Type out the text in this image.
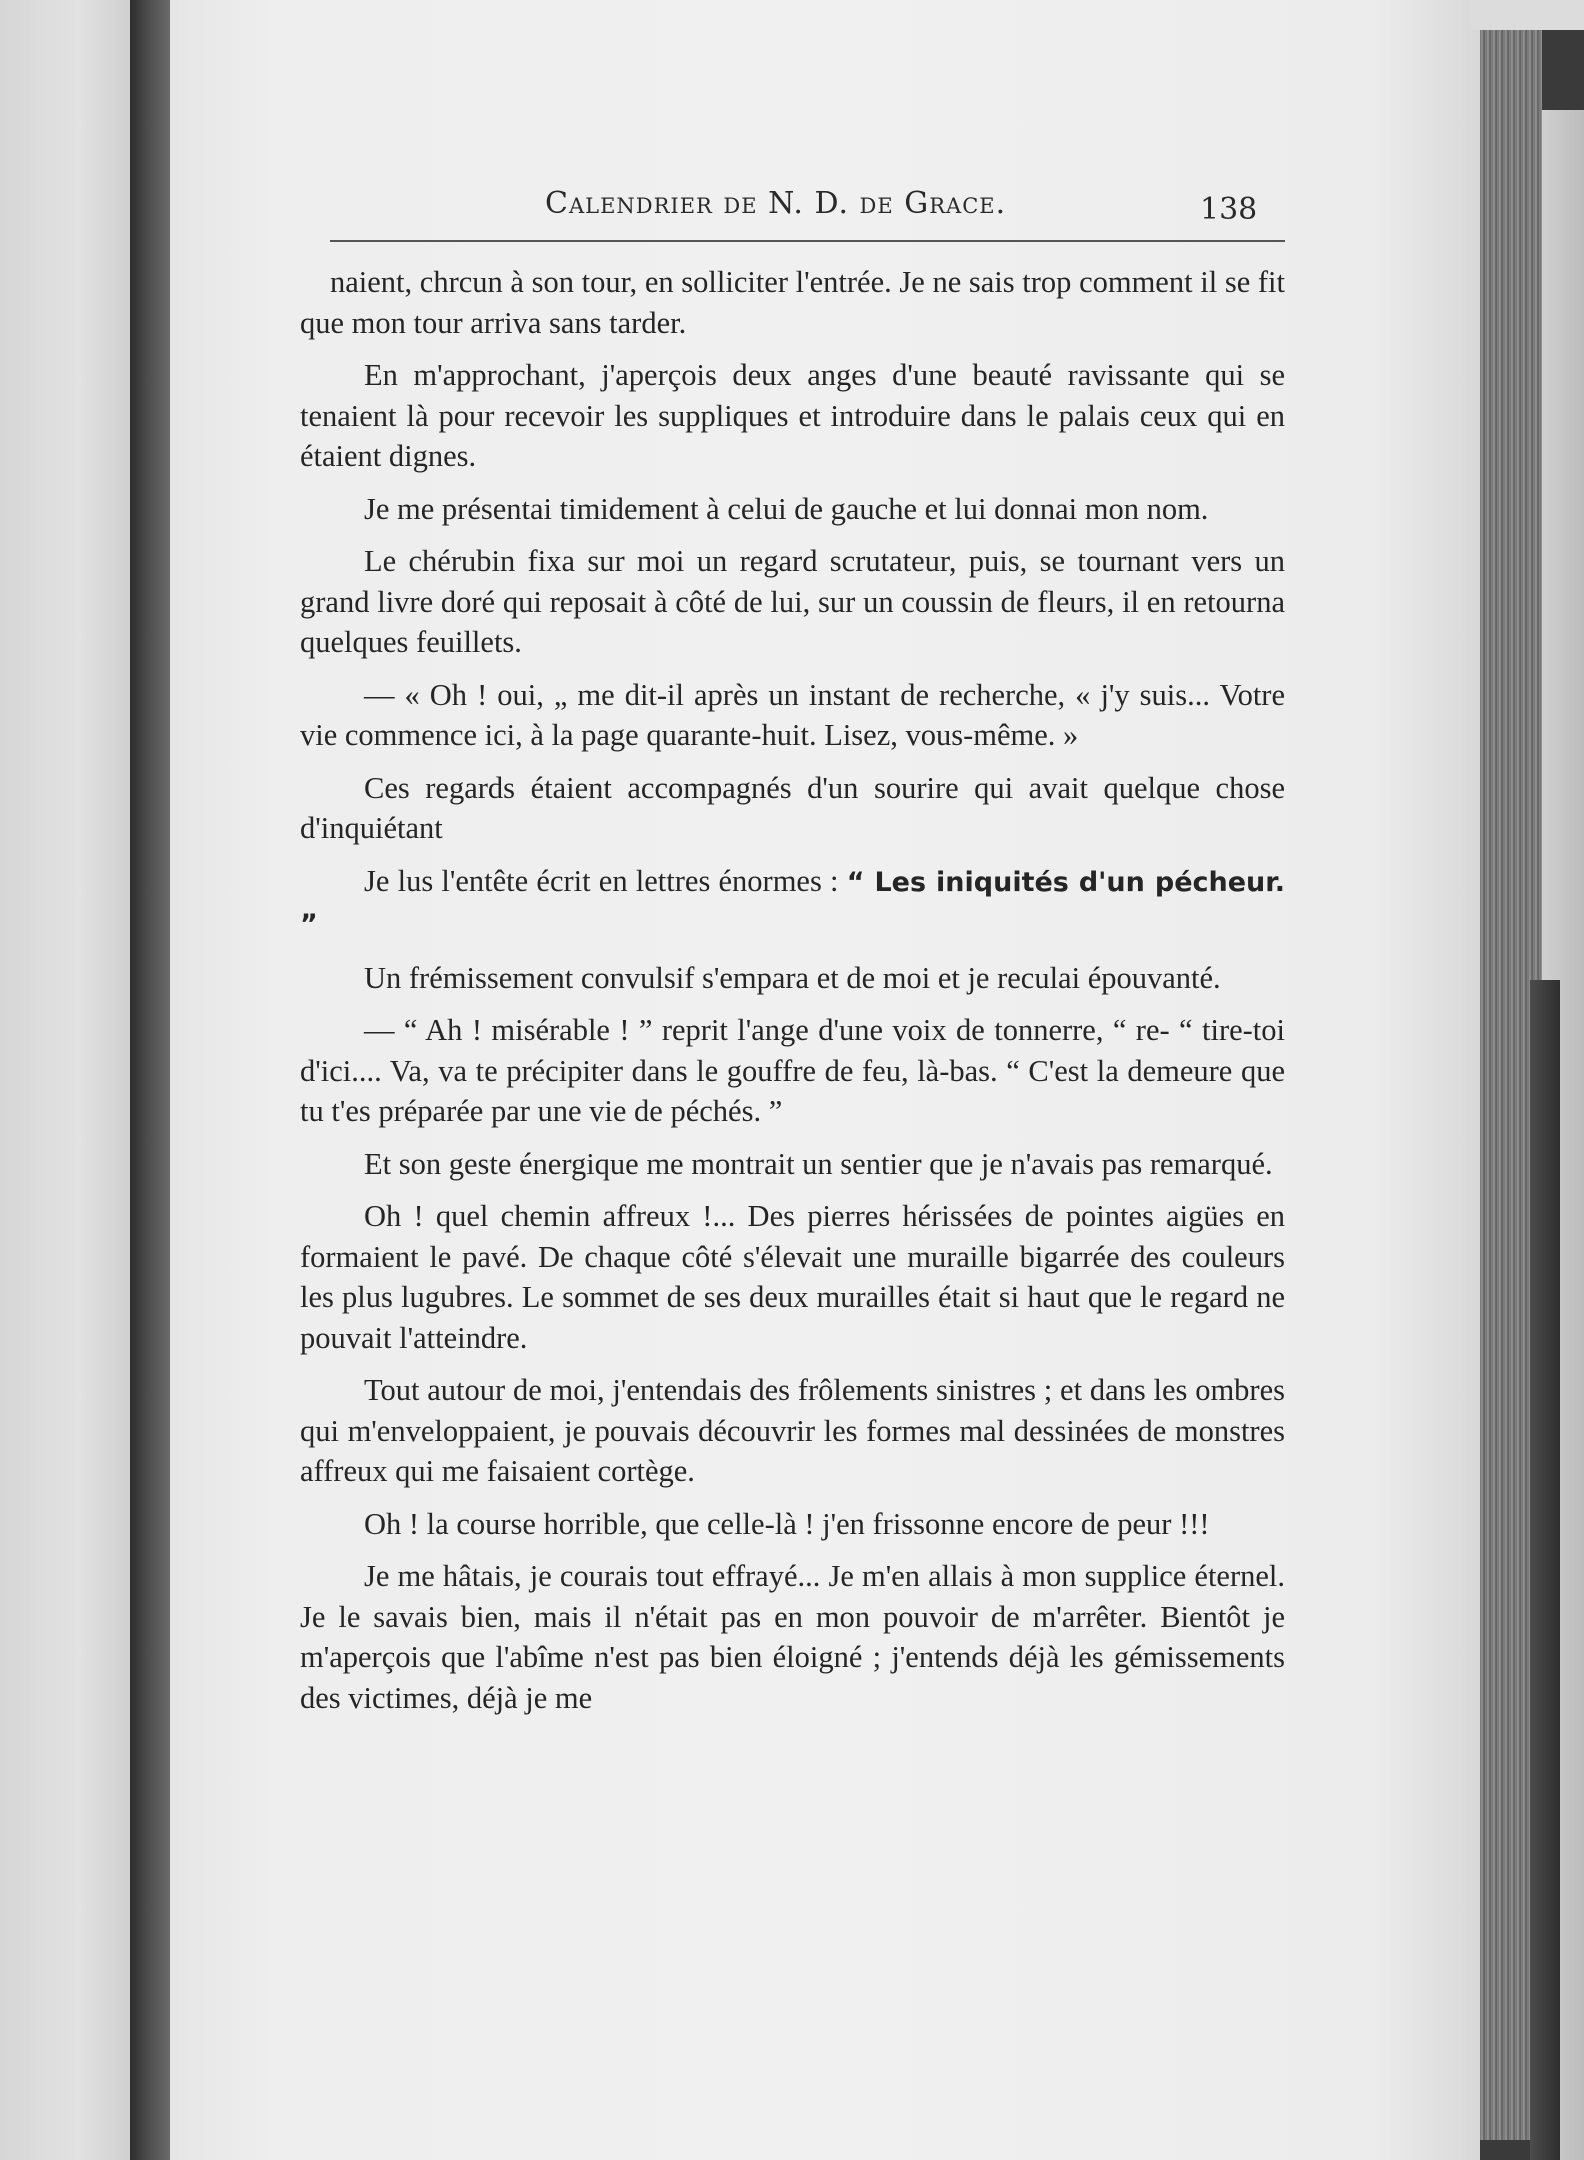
Calendrier de N. D. de Grace.	138

naient, chrcun à son tour, en solliciter l'entrée. Je ne sais trop comment il se fit que mon tour arriva sans tarder.

En m'approchant, j'aperçois deux anges d'une beauté ravissante qui se tenaient là pour recevoir les suppliques et introduire dans le palais ceux qui en étaient dignes.

Je me présentai timidement à celui de gauche et lui donnai mon nom.

Le chérubin fixa sur moi un regard scrutateur, puis, se tournant vers un grand livre doré qui reposait à côté de lui, sur un coussin de fleurs, il en retourna quelques feuillets.

— « Oh ! oui, „ me dit-il après un instant de recherche, « j'y suis... Votre vie commence ici, à la page quarante-huit. Lisez, vous-même. »

Ces regards étaient accompagnés d'un sourire qui avait quelque chose d'inquiétant

Je lus l'entête écrit en lettres énormes : “ Les iniquités d'un pécheur. ”

Un frémissement convulsif s'empara et de moi et je reculai épouvanté.

— “ Ah ! misérable ! ” reprit l'ange d'une voix de tonnerre, “ re- “ tire-toi d'ici.... Va, va te précipiter dans le gouffre de feu, là-bas. “ C'est la demeure que tu t'es préparée par une vie de péchés. ”

Et son geste énergique me montrait un sentier que je n'avais pas remarqué.

Oh ! quel chemin affreux !... Des pierres hérissées de pointes aigües en formaient le pavé. De chaque côté s'élevait une muraille bigarrée des couleurs les plus lugubres. Le sommet de ses deux murailles était si haut que le regard ne pouvait l'atteindre.

Tout autour de moi, j'entendais des frôlements sinistres ; et dans les ombres qui m'enveloppaient, je pouvais découvrir les formes mal dessinées de monstres affreux qui me faisaient cortège.

Oh ! la course horrible, que celle-là ! j'en frissonne encore de peur !!!

Je me hâtais, je courais tout effrayé... Je m'en allais à mon supplice éternel. Je le savais bien, mais il n'était pas en mon pouvoir de m'arrêter. Bientôt je m'aperçois que l'abîme n'est pas bien éloigné ; j'entends déjà les gémissements des victimes, déjà je me
